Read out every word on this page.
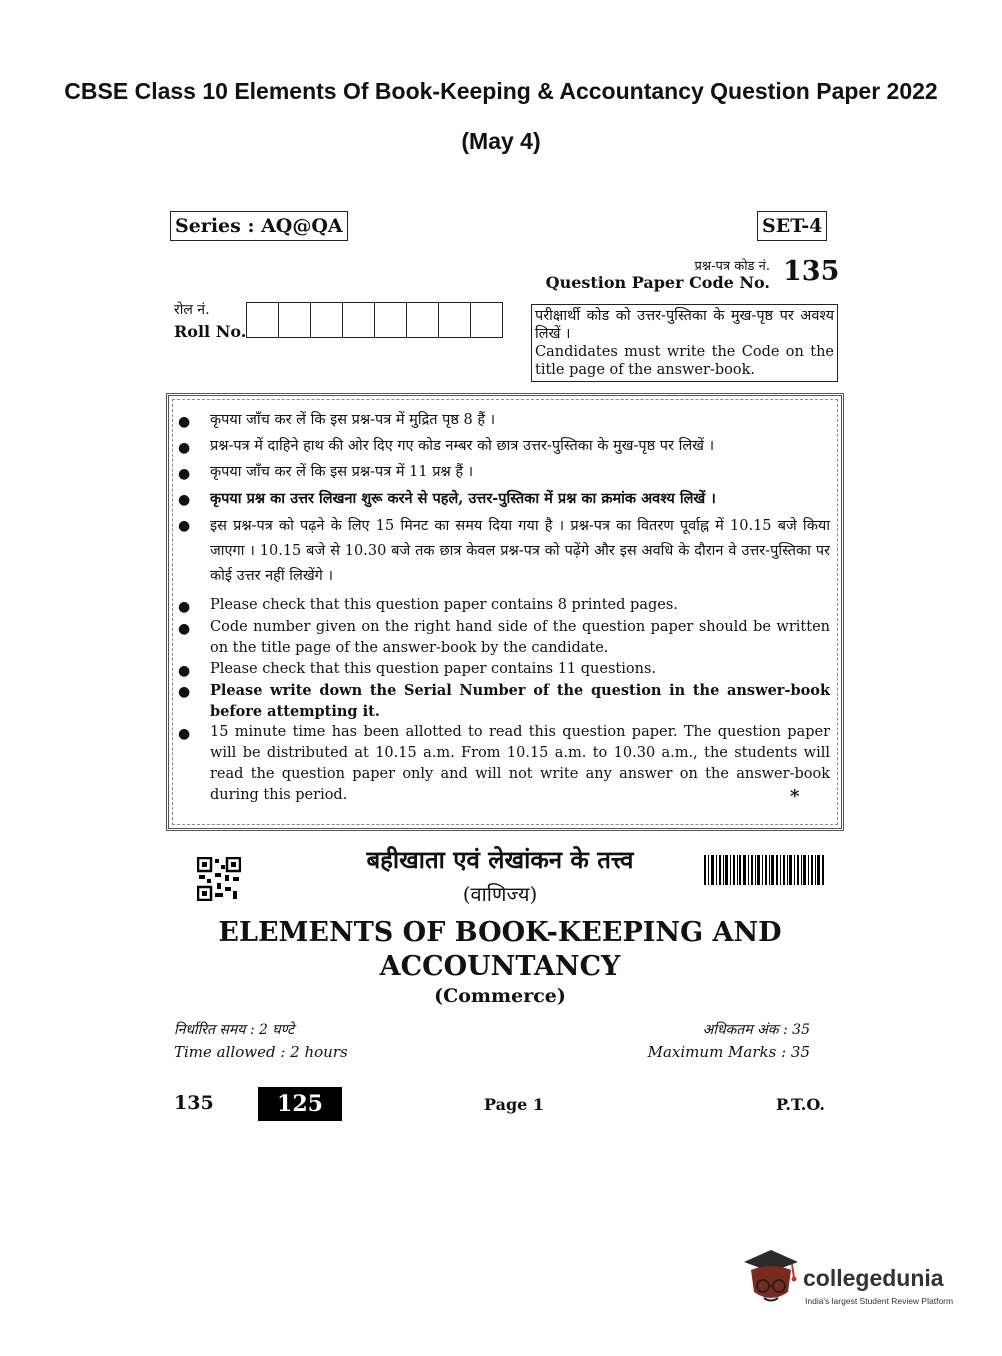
CBSE Class 10 Elements Of Book-Keeping & Accountancy Question Paper 2022
(May 4)
Series : AQ@QA	SET-4
प्रश्न-पत्र कोड नं.
Question Paper Code No. 135
रोल नं.
Roll No.
परीक्षार्थी कोड को उत्तर-पुस्तिका के मुख-पृष्ठ पर अवश्य लिखें ।
Candidates must write the Code on the title page of the answer-book.
● कृपया जाँच कर लें कि इस प्रश्न-पत्र में मुद्रित पृष्ठ 8 हैं ।
● प्रश्न-पत्र में दाहिने हाथ की ओर दिए गए कोड नम्बर को छात्र उत्तर-पुस्तिका के मुख-पृष्ठ पर लिखें ।
● कृपया जाँच कर लें कि इस प्रश्न-पत्र में 11 प्रश्न हैं ।
● कृपया प्रश्न का उत्तर लिखना शुरू करने से पहले, उत्तर-पुस्तिका में प्रश्न का क्रमांक अवश्य लिखें ।
● इस प्रश्न-पत्र को पढ़ने के लिए 15 मिनट का समय दिया गया है । प्रश्न-पत्र का वितरण पूर्वाह्न में 10.15 बजे किया जाएगा । 10.15 बजे से 10.30 बजे तक छात्र केवल प्रश्न-पत्र को पढ़ेंगे और इस अवधि के दौरान वे उत्तर-पुस्तिका पर कोई उत्तर नहीं लिखेंगे ।
● Please check that this question paper contains 8 printed pages.
● Code number given on the right hand side of the question paper should be written on the title page of the answer-book by the candidate.
● Please check that this question paper contains 11 questions.
● Please write down the Serial Number of the question in the answer-book before attempting it.
● 15 minute time has been allotted to read this question paper. The question paper will be distributed at 10.15 a.m. From 10.15 a.m. to 10.30 a.m., the students will read the question paper only and will not write any answer on the answer-book during this period.	*
बहीखाता एवं लेखांकन के तत्त्व
(वाणिज्य)
ELEMENTS OF BOOK-KEEPING AND ACCOUNTANCY
(Commerce)
निर्धारित समय : 2 घण्टे
Time allowed : 2 hours
अधिकतम अंक : 35
Maximum Marks : 35
135	125	Page 1	P.T.O.
collegedunia
India's largest Student Review Platform
